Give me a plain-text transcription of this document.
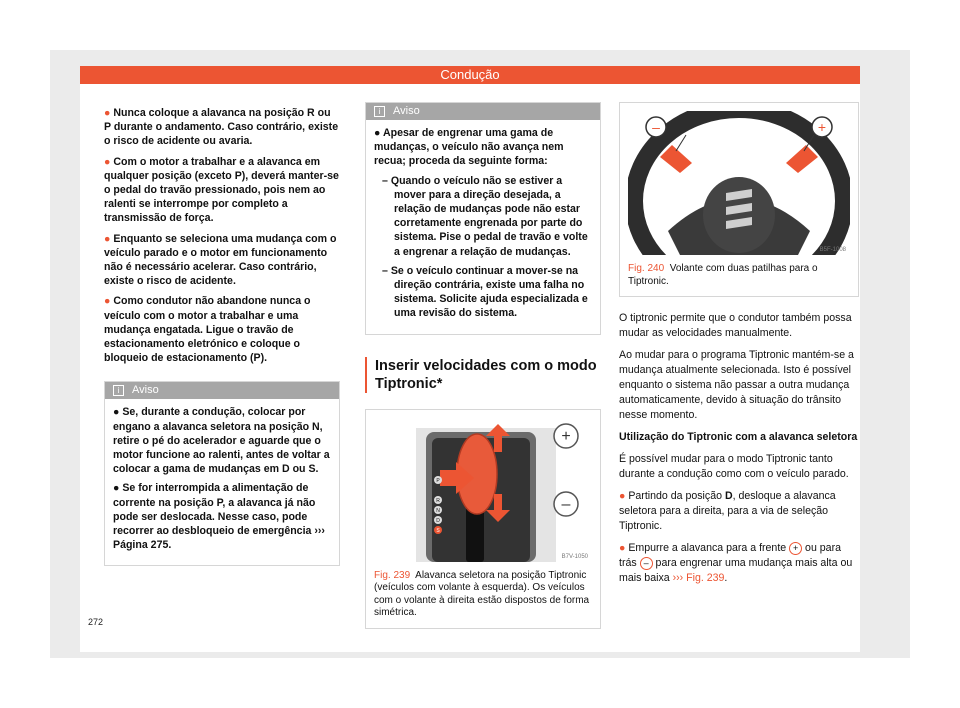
Condução

● Nunca coloque a alavanca na posição R ou P durante o andamento. Caso contrário, existe o risco de acidente ou avaria.

● Com o motor a trabalhar e a alavanca em qualquer posição (exceto P), deverá manter-se o pedal do travão pressionado, pois nem ao ralenti se interrompe por completo a transmissão de força.

● Enquanto se seleciona uma mudança com o veículo parado e o motor em funcionamento não é necessário acelerar. Caso contrário, existe o risco de acidente.

● Como condutor não abandone nunca o veículo com o motor a trabalhar e uma mudança engatada. Ligue o travão de estacionamento eletrónico e coloque o bloqueio de estacionamento (P).

i Aviso

● Se, durante a condução, colocar por engano a alavanca seletora na posição N, retire o pé do acelerador e aguarde que o motor funcione ao ralenti, antes de voltar a colocar a gama de mudanças em D ou S.

● Se for interrompida a alimentação de corrente na posição P, a alavanca já não pode ser deslocada. Nesse caso, pode recorrer ao desbloqueio de emergência ››› Página 275.

i Aviso

● Apesar de engrenar uma gama de mudanças, o veículo não avança nem recua; proceda da seguinte forma:

– Quando o veículo não se estiver a mover para a direção desejada, a relação de mudanças pode não estar corretamente engrenada por parte do sistema. Pise o pedal de travão e volte a engrenar a relação de mudanças.

– Se o veículo continuar a mover-se na direção contrária, existe uma falha no sistema. Solicite ajuda especializada e uma revisão do sistema.

Inserir velocidades com o modo Tiptronic*
P
R
N
D
S
+
–
B7V-1050

Fig. 239 Alavanca seletora na posição Tiptronic (veículos com volante à esquerda). Os veículos com o volante à direita estão dispostos de forma simétrica.

–	+
B5F-1008

Fig. 240 Volante com duas patilhas para o Tiptronic.

O tiptronic permite que o condutor também possa mudar as velocidades manualmente.

Ao mudar para o programa Tiptronic mantém-se a mudança atualmente selecionada. Isto é possível enquanto o sistema não passar a outra mudança automaticamente, devido à situação do trânsito nesse momento.

Utilização do Tiptronic com a alavanca seletora

É possível mudar para o modo Tiptronic tanto durante a condução como com o veículo parado.

● Partindo da posição D, desloque a alavanca seletora para a direita, para a via de seleção Tiptronic.

● Empurre a alavanca para a frente + ou para trás – para engrenar uma mudança mais alta ou mais baixa ››› Fig. 239.

272
